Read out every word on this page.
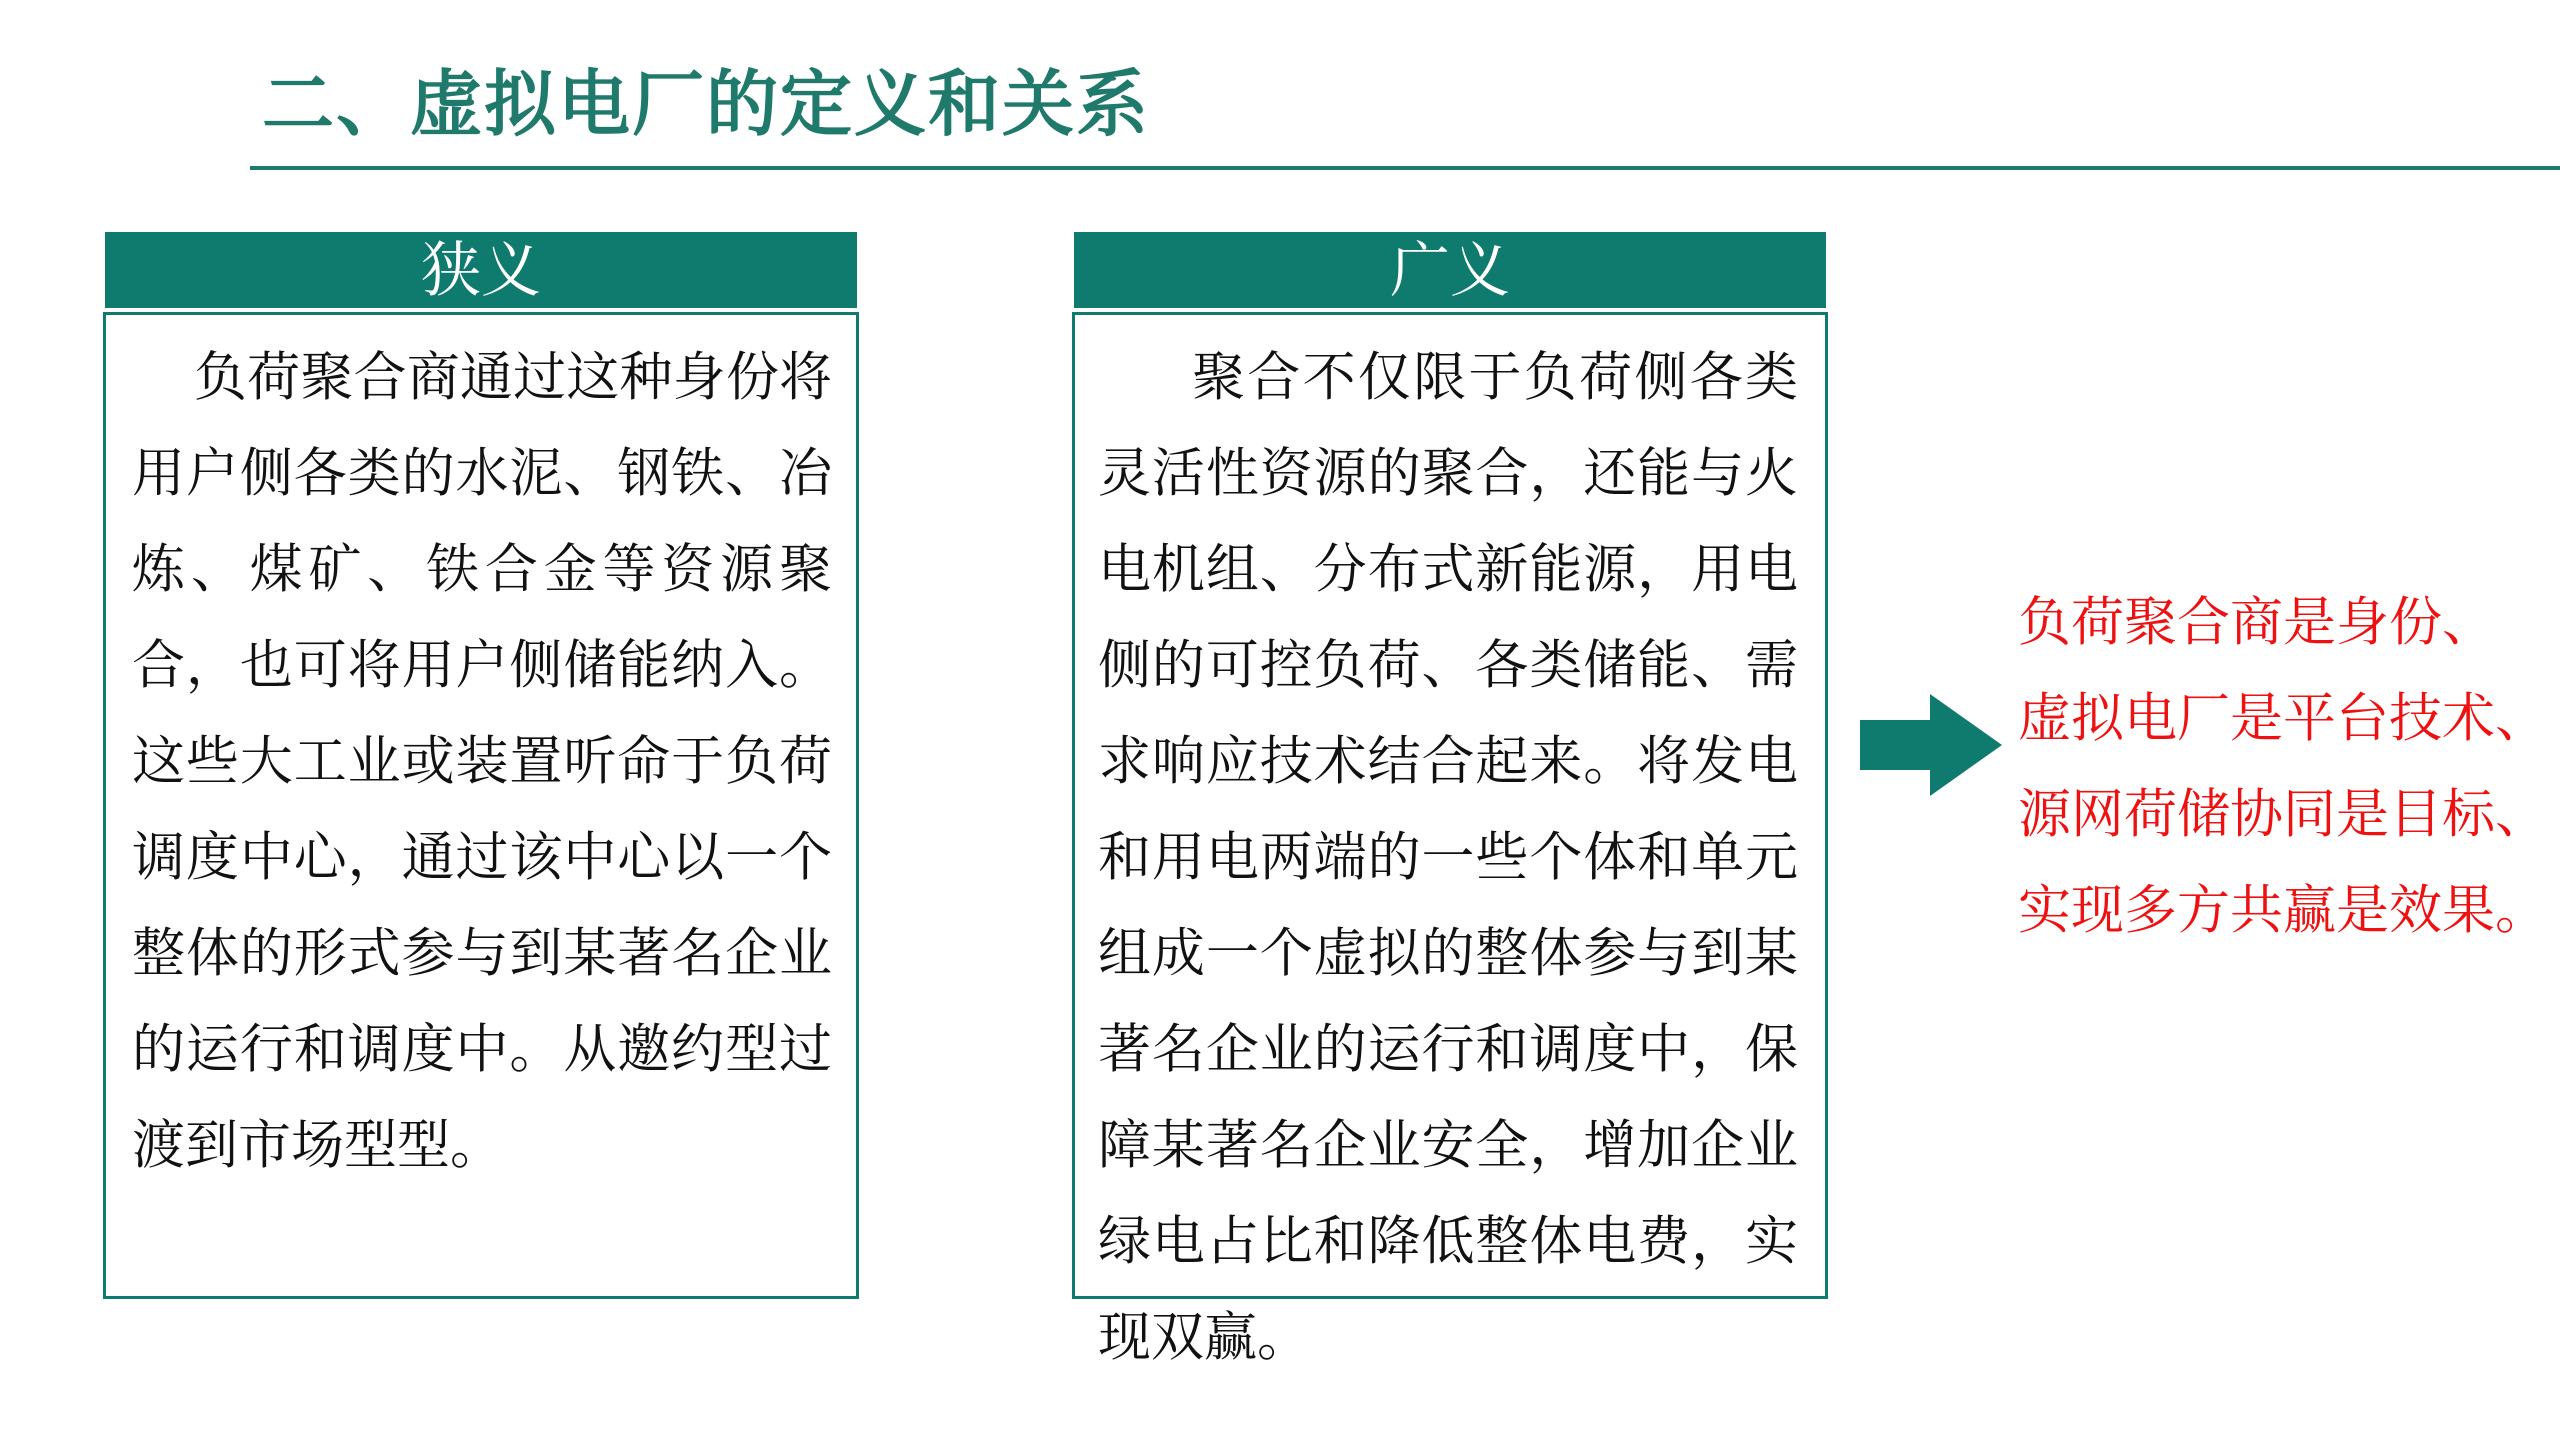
二、虚拟电厂的定义和关系
狭义

负荷聚合商通过这种身份将用户侧各类的水泥、钢铁、冶炼、煤矿、铁合金等资源聚合，也可将用户侧储能纳入。这些大工业或装置听命于负荷调度中心，通过该中心以一个整体的形式参与到某著名企业的运行和调度中。从邀约型过渡到市场型型。

广义

聚合不仅限于负荷侧各类灵活性资源的聚合，还能与火电机组、分布式新能源，用电侧的可控负荷、各类储能、需求响应技术结合起来。将发电和用电两端的一些个体和单元组成一个虚拟的整体参与到某著名企业的运行和调度中，保障某著名企业安全，增加企业绿电占比和降低整体电费，实现双赢。

负荷聚合商是身份、
虚拟电厂是平台技术、
源网荷储协同是目标、
实现多方共赢是效果。
